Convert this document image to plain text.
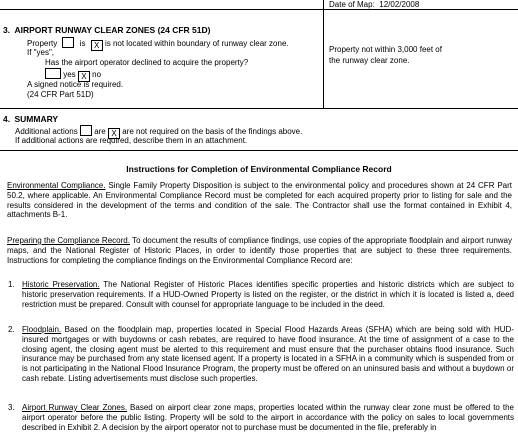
Date of Map: 12/02/2008
3. AIRPORT RUNWAY CLEAR ZONES (24 CFR 51D)
Property	is X is not located within boundary of runway clear zone.
If "yes",
Has the airport operator declined to acquire the property?
yes X no
A signed notice is required.
(24 CFR Part 51D)
Property not within 3,000 feet of
the runway clear zone.
4. SUMMARY
Additional actions are X are not required on the basis of the findings above.
If additional actions are required, describe them in an attachment.
Instructions for Completion of Environmental Compliance Record
Environmental Compliance. Single Family Property Disposition is subject to the environmental policy and procedures shown at 24 CFR Part 50.2, where applicable. An Environmental Compliance Record must be completed for each acquired property prior to listing for sale and the results considered in the development of the terms and condition of the sale. The Contractor shall use the format contained in Exhibit 4, attachments B-1.
Preparing the Compliance Record. To document the results of compliance findings, use copies of the appropriate floodplain and airport runway maps, and the National Register of Historic Places, in order to identify those properties that are subject to these three requirements. Instructions for completing the compliance findings on the Environmental Compliance Record are:
1. Historic Preservation. The National Register of Historic Places identifies specific properties and historic districts which are subject to historic preservation requirements. If a HUD-Owned Property is listed on the register, or the district in which it is located is listed a, deed restriction must be prepared. Consult with counsel for appropriate language to be included in the deed.
2. Floodplain. Based on the floodplain map, properties located in Special Flood Hazards Areas (SFHA) which are being sold with HUD-insured mortgages or with buydowns or cash rebates, are required to have flood insurance. At the time of assignment of a case to the closing agent, the closing agent must be alerted to this requirement and must ensure that the purchaser obtains flood insurance. Such insurance may be purchased from any state licensed agent. If a property is located in a SFHA in a community which is suspended from or is not participating in the National Flood Insurance Program, the property must be offered on an uninsured basis and without a buydown or cash rebate. Listing advertisements must disclose such properties.
3. Airport Runway Clear Zones. Based on airport clear zone maps, properties located within the runway clear zone must be offered to the airport operator before the public listing. Property will be sold to the airport in accordance with the policy on sales to local governments described in Exhibit 2. A decision by the airport operator not to purchase must be documented in the file, preferably in
